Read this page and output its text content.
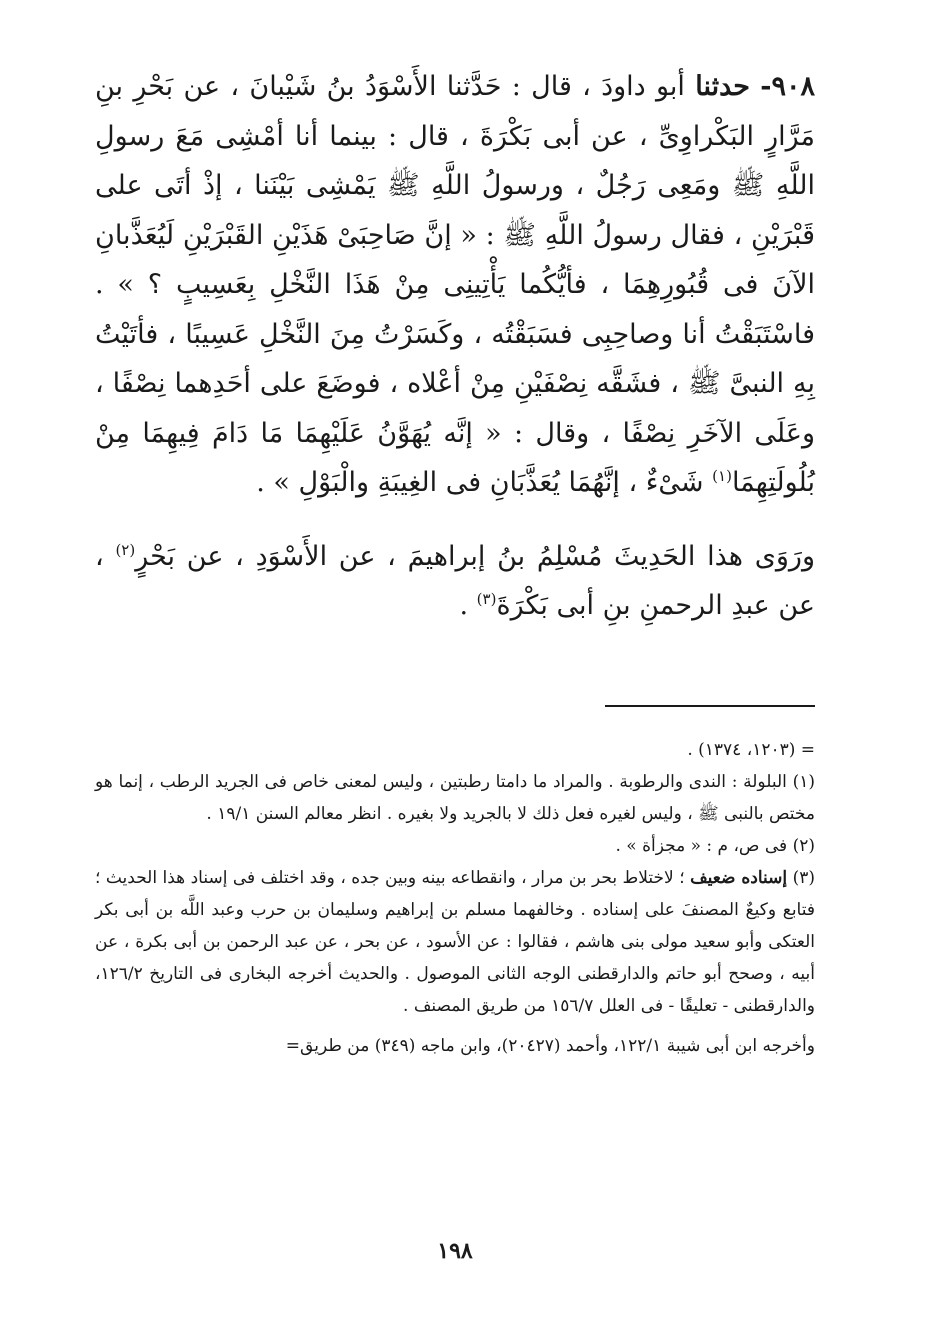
٩٠٨- حدثنا أبو داودَ ، قال : حَدَّثنا الأَسْوَدُ بنُ شَيْبانَ ، عن بَحْرِ بنِ مَرَّارٍ البَكْراوِىِّ ، عن أبى بَكْرَةَ ، قال : بينما أنا أمْشِى مَعَ رسولِ اللَّهِ ﷺ ومَعِى رَجُلٌ ، ورسولُ اللَّهِ ﷺ يَمْشِى بَيْنَنا ، إذْ أتَى على قَبْرَيْنِ ، فقال رسولُ اللَّهِ ﷺ : « إنَّ صَاحِبَىْ هَذَيْنِ القَبْرَيْنِ لَيُعَذَّبانِ الآنَ فى قُبُورِهِمَا ، فأيُّكُما يَأْتِينِى مِنْ هَذَا النَّخْلِ بِعَسِيبٍ ؟ » . فاسْتَبَقْتُ أنا وصاحِبِى فسَبَقْتُه ، وكَسَرْتُ مِنَ النَّخْلِ عَسِيبًا ، فأتَيْتُ بِهِ النبىَّ ﷺ ، فشَقَّه نِصْفَيْنِ مِنْ أعْلاه ، فوضَعَ على أحَدِهما نِصْفًا ، وعَلَى الآخَرِ نِصْفًا ، وقال : « إنَّه يُهَوَّنُ عَلَيْهِمَا مَا دَامَ فِيهِمَا مِنْ بُلُولَتِهِمَا$^{(١)}$ شَىْءٌ ، إنَّهُمَا يُعَذَّبَانِ فى الغِيبَةِ والْبَوْلِ » .

ورَوَى هذا الحَدِيثَ مُسْلِمُ بنُ إبراهيمَ ، عن الأَسْوَدِ ، عن بَحْرٍ$^{(٢)}$ ، عن عبدِ الرحمنِ بنِ أبى بَكْرَةَ$^{(٣)}$ .

= (١٢٠٣، ١٣٧٤) .

(١) البلولة : الندى والرطوبة . والمراد ما دامتا رطبتين ، وليس لمعنى خاص فى الجريد الرطب ، إنما هو مختص بالنبى ﷺ ، وليس لغيره فعل ذلك لا بالجريد ولا بغيره . انظر معالم السنن ١٩/١ .

(٢) فى ص، م : « مجزأة » .

(٣) إسناده ضعيف ؛ لاختلاط بحر بن مرار ، وانقطاعه بينه وبين جده ، وقد اختلف فى إسناد هذا الحديث ؛ فتابع وكيعٌ المصنفَ على إسناده . وخالفهما مسلم بن إبراهيم وسليمان بن حرب وعبد اللَّه بن أبى بكر العتكى وأبو سعيد مولى بنى هاشم ، فقالوا : عن الأسود ، عن بحر ، عن عبد الرحمن بن أبى بكرة ، عن أبيه ، وصحح أبو حاتم والدارقطنى الوجه الثانى الموصول . والحديث أخرجه البخارى فى التاريخ ١٢٦/٢، والدارقطنى - تعليقًا - فى العلل ١٥٦/٧ من طريق المصنف .

وأخرجه ابن أبى شيبة ١٢٢/١، وأحمد (٢٠٤٢٧)، وابن ماجه (٣٤٩) من طريق=

١٩٨
